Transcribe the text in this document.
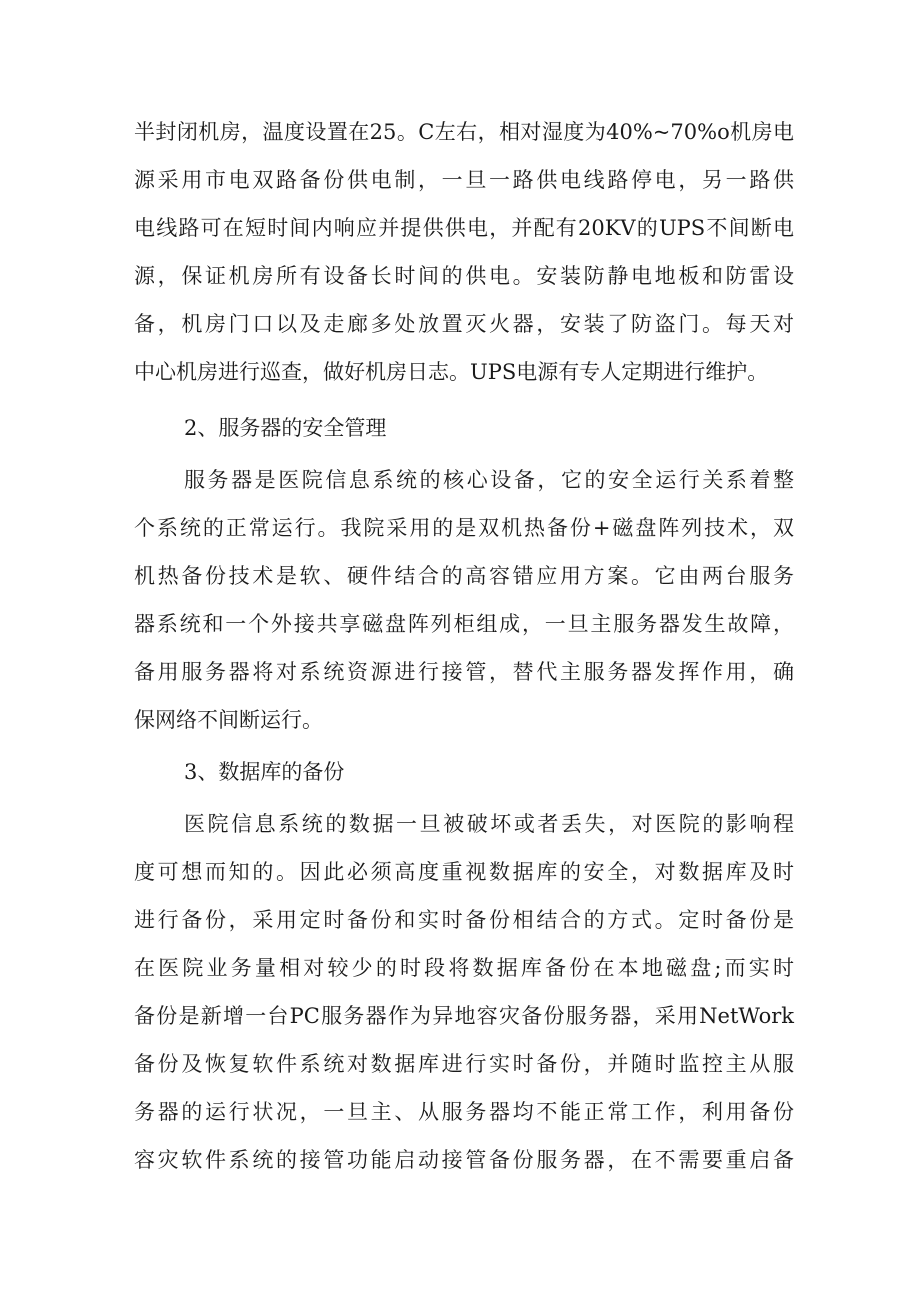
半封闭机房，温度设置在25。C左右，相对湿度为40%~70%o机房电
源采用市电双路备份供电制，一旦一路供电线路停电，另一路供
电线路可在短时间内响应并提供供电，并配有20KV的UPS不间断电
源，保证机房所有设备长时间的供电。安装防静电地板和防雷设
备，机房门口以及走廊多处放置灭火器，安装了防盗门。每天对
中心机房进行巡查，做好机房日志。UPS电源有专人定期进行维护。
2、服务器的安全管理
服务器是医院信息系统的核心设备，它的安全运行关系着整
个系统的正常运行。我院采用的是双机热备份+磁盘阵列技术，双
机热备份技术是软、硬件结合的高容错应用方案。它由两台服务
器系统和一个外接共享磁盘阵列柜组成，一旦主服务器发生故障，
备用服务器将对系统资源进行接管，替代主服务器发挥作用，确
保网络不间断运行。
3、数据库的备份
医院信息系统的数据一旦被破坏或者丢失，对医院的影响程
度可想而知的。因此必须高度重视数据库的安全，对数据库及时
进行备份，采用定时备份和实时备份相结合的方式。定时备份是
在医院业务量相对较少的时段将数据库备份在本地磁盘;而实时
备份是新增一台PC服务器作为异地容灾备份服务器，采用NetWork
备份及恢复软件系统对数据库进行实时备份，并随时监控主从服
务器的运行状况，一旦主、从服务器均不能正常工作，利用备份
容灾软件系统的接管功能启动接管备份服务器，在不需要重启备
